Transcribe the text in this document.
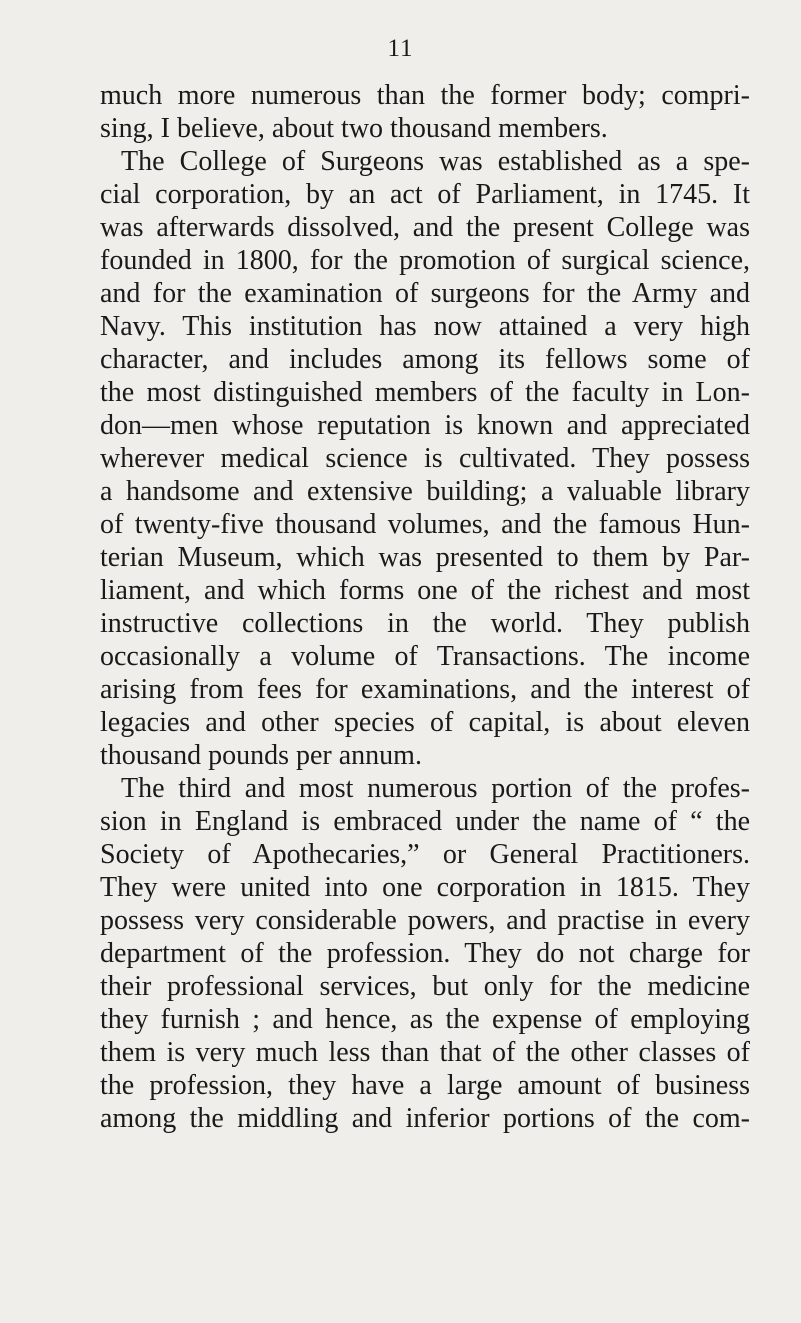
11
much more numerous than the former body; compri-
sing, I believe, about two thousand members.
The College of Surgeons was established as a spe-
cial corporation, by an act of Parliament, in 1745. It
was afterwards dissolved, and the present College was
founded in 1800, for the promotion of surgical science,
and for the examination of surgeons for the Army and
Navy. This institution has now attained a very high
character, and includes among its fellows some of
the most distinguished members of the faculty in Lon-
don—men whose reputation is known and appreciated
wherever medical science is cultivated. They possess
a handsome and extensive building; a valuable library
of twenty-five thousand volumes, and the famous Hun-
terian Museum, which was presented to them by Par-
liament, and which forms one of the richest and most
instructive collections in the world. They publish
occasionally a volume of Transactions. The income
arising from fees for examinations, and the interest of
legacies and other species of capital, is about eleven
thousand pounds per annum.
The third and most numerous portion of the profes-
sion in England is embraced under the name of “ the
Society of Apothecaries,” or General Practitioners.
They were united into one corporation in 1815. They
possess very considerable powers, and practise in every
department of the profession. They do not charge for
their professional services, but only for the medicine
they furnish ; and hence, as the expense of employing
them is very much less than that of the other classes of
the profession, they have a large amount of business
among the middling and inferior portions of the com-
